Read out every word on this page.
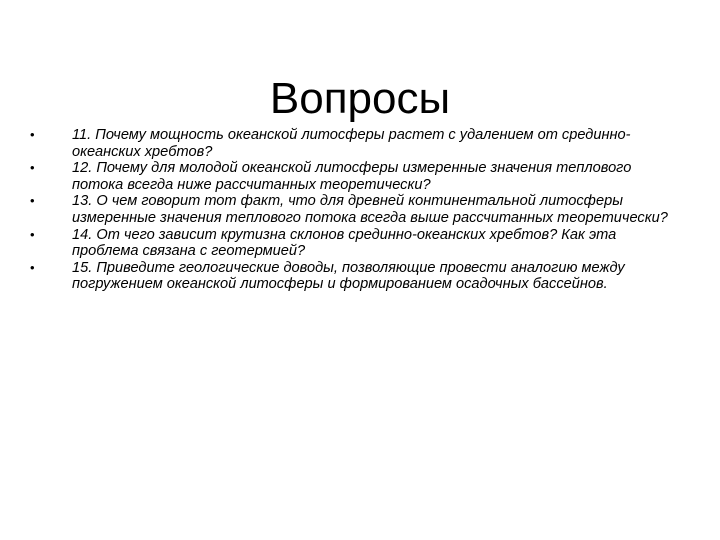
Вопросы
•	11. Почему мощность океанской литосферы растет с удалением от срединно-океанских хребтов?
•	12. Почему для молодой океанской литосферы измеренные значения теплового потока всегда ниже рассчитанных теоретически?
•	13. О чем говорит тот факт, что для древней континентальной литосферы измеренные значения теплового потока всегда выше рассчитанных теоретически?
•	14. От чего зависит крутизна склонов срединно-океанских хребтов? Как эта проблема связана с геотермией?
•	15. Приведите геологические доводы, позволяющие провести аналогию между погружением океанской литосферы и формированием осадочных бассейнов.
